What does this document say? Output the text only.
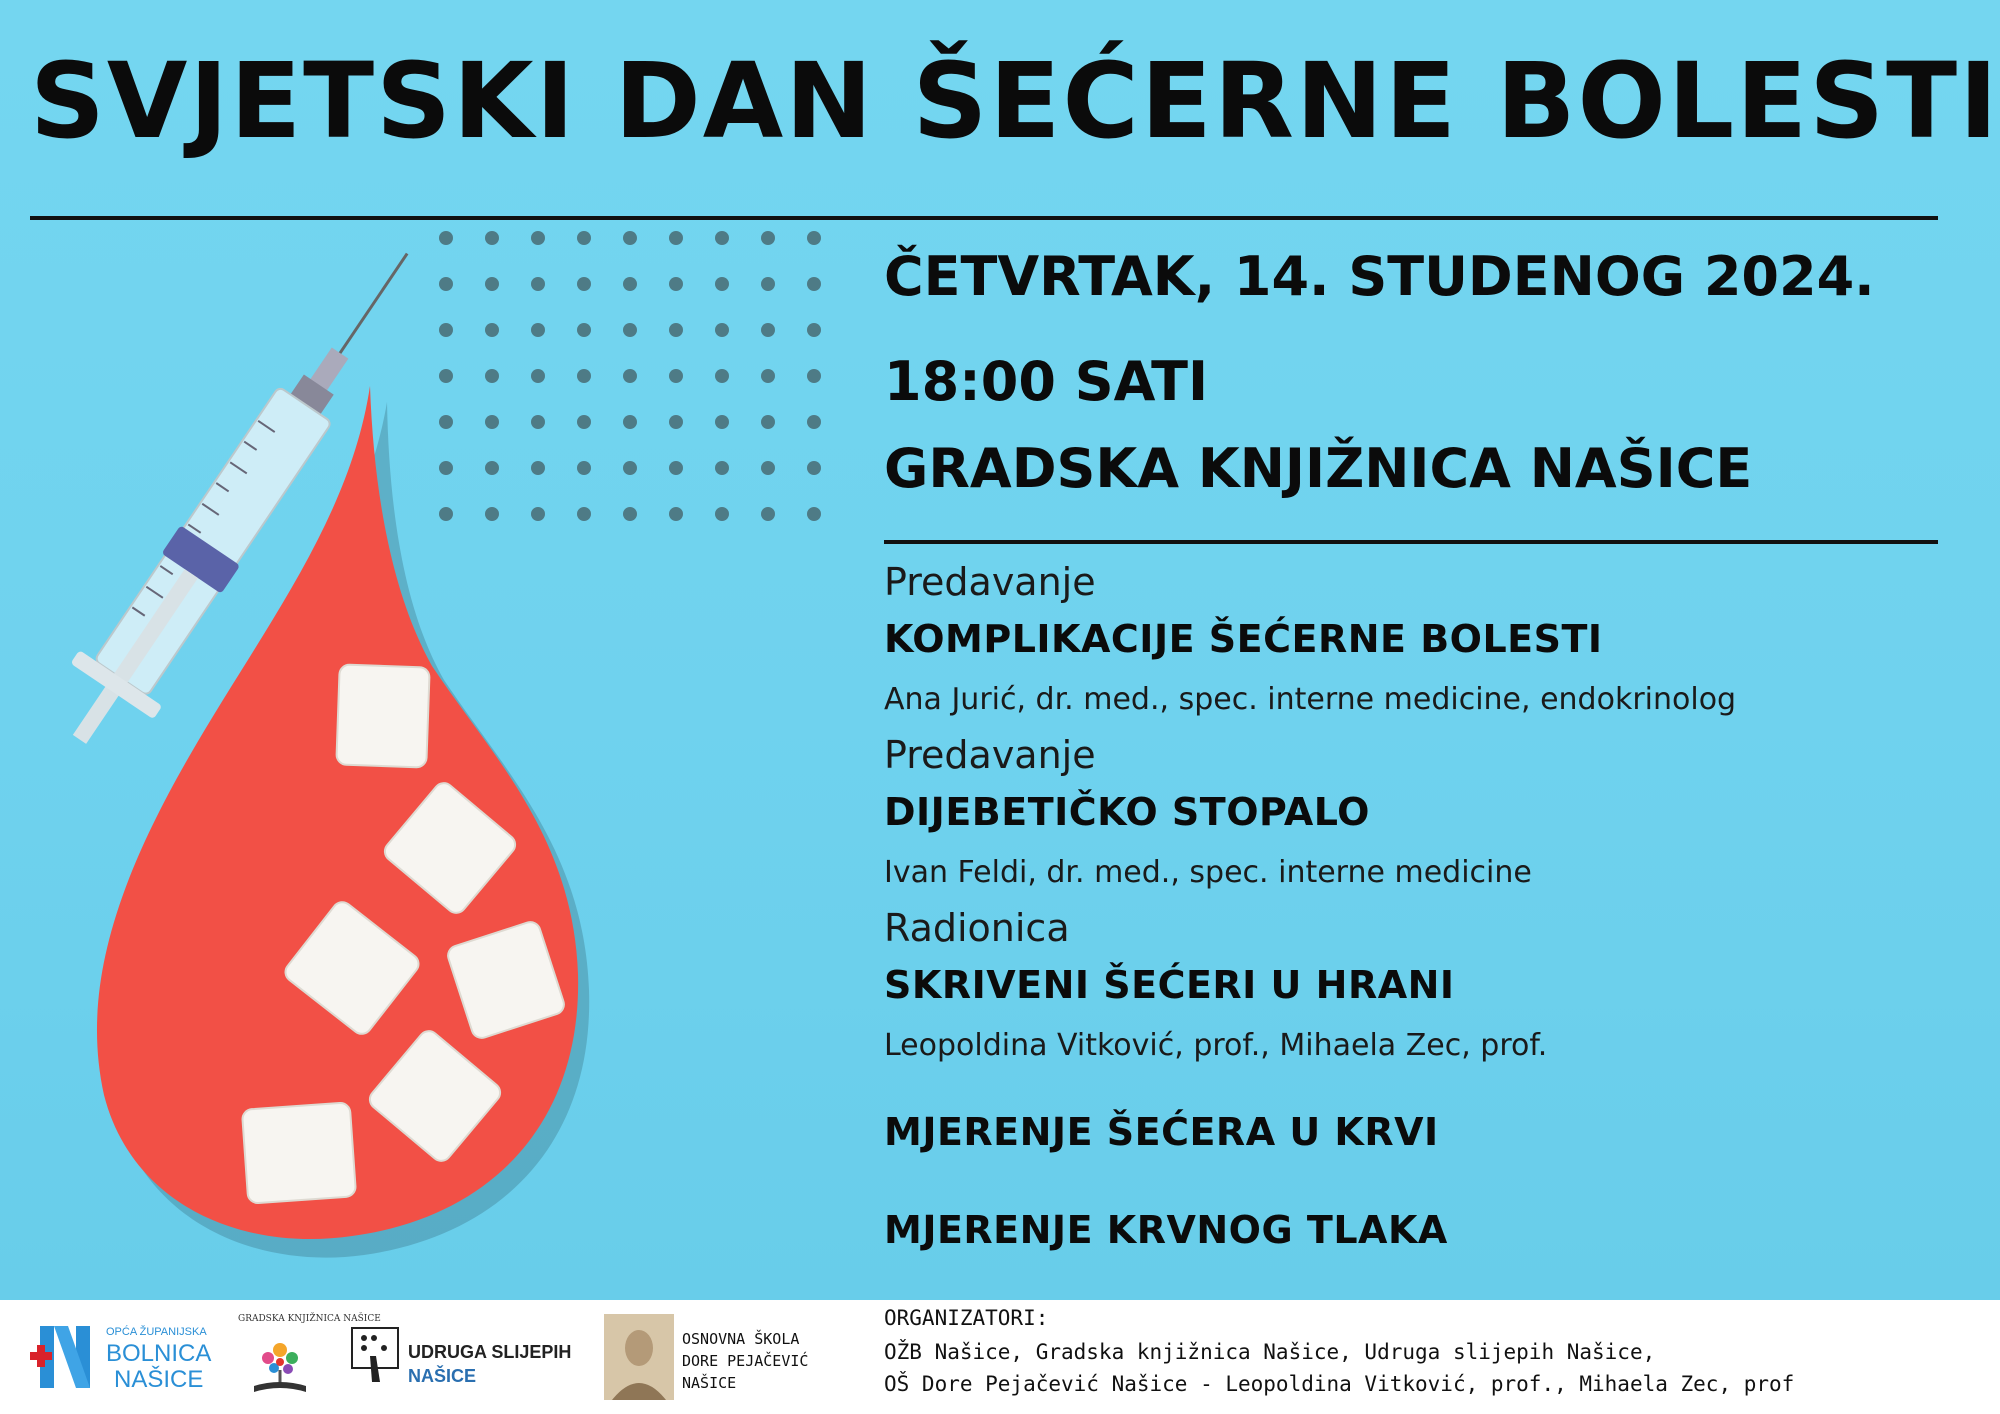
SVJETSKI DAN ŠEĆERNE BOLESTI
ČETVRTAK, 14. STUDENOG 2024.
18:00 SATI
GRADSKA KNJIŽNICA NAŠICE
Predavanje
KOMPLIKACIJE ŠEĆERNE BOLESTI
Ana Jurić, dr. med., spec. interne medicine, endokrinolog
Predavanje
DIJEBETIČKO STOPALO
Ivan Feldi, dr. med., spec. interne medicine
Radionica
SKRIVENI ŠEĆERI U HRANI
Leopoldina Vitković, prof., Mihaela Zec, prof.
MJERENJE ŠEĆERA U KRVI
MJERENJE KRVNOG TLAKA
OPĆA ŽUPANIJSKA
BOLNICA
NAŠICE
GRADSKA KNJIŽNICA NAŠICE
UDRUGA SLIJEPIH
NAŠICE
OSNOVNA ŠKOLA
DORE PEJAČEVIĆ
NAŠICE
ORGANIZATORI:
OŽB Našice, Gradska knjižnica Našice, Udruga slijepih Našice,
OŠ Dore Pejačević Našice - Leopoldina Vitković, prof., Mihaela Zec, prof
